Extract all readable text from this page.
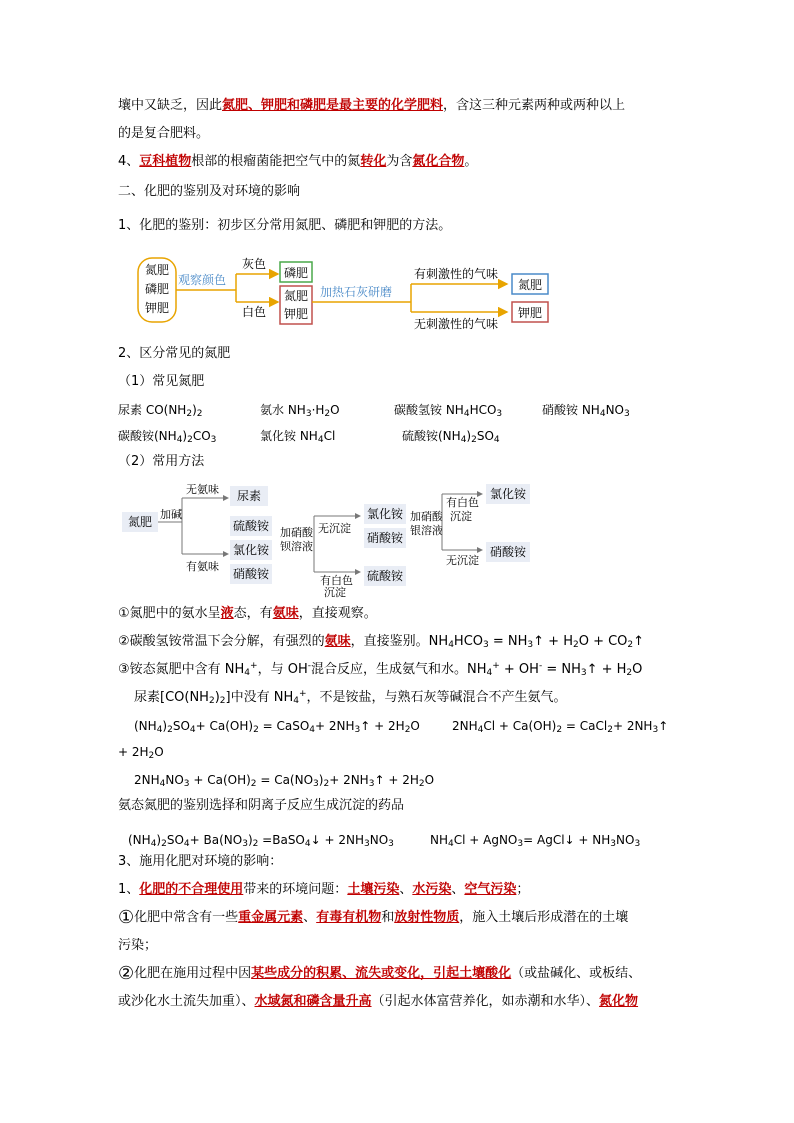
壤中又缺乏，因此氮肥、钾肥和磷肥是最主要的化学肥料，含这三种元素两种或两种以上
的是复合肥料。
4、豆科植物根部的根瘤菌能把空气中的氮转化为含氮化合物。
二、化肥的鉴别及对环境的影响
1、化肥的鉴别：初步区分常用氮肥、磷肥和钾肥的方法。
氮肥
磷肥
钾肥
观察颜色
灰色
白色
磷肥
氮肥
钾肥
加热石灰研磨
有刺激性的气味
无刺激性的气味
氮肥
钾肥
2、区分常见的氮肥
（1）常见氮肥
尿素 $CO(NH_2)_2$	氨水 $NH_3\cdot H_2O$	碳酸氢铵 $NH_4HCO_3$	硝酸铵 $NH_4NO_3$
碳酸铵$(NH_4)_2CO_3$	氯化铵 $NH_4Cl$	硫酸铵$(NH_4)_2SO_4$
（2）常用方法
氮肥
加碱
无氨味
有氨味
尿素
硫酸铵
氯化铵
硝酸铵
加硝酸
钡溶液
无沉淀
有白色
沉淀
氯化铵
硝酸铵
硫酸铵
加硝酸
银溶液
有白色
沉淀
无沉淀
氯化铵
硝酸铵
①氮肥中的氨水呈液态，有氨味，直接观察。
②碳酸氢铵常温下会分解，有强烈的氨味，直接鉴别。$NH_4HCO_3$ = $NH_3↑ + H_2O$ + $CO_2↑$
③铵态氮肥中含有 $NH_4^+$，与 OH-混合反应，生成氨气和水。$NH_4^+ + OH^-$ = $NH_3↑ + H_2O$
尿素$[CO(NH_2)_2]$中没有 $NH_4^+$，不是铵盐，与熟石灰等碱混合不产生氨气。
$(NH_4)_2SO_4+ Ca(OH)_2$ = CaSO$_4$+ $2NH_3↑ + 2H_2O$	$2NH_4Cl + Ca(OH)_2$ = CaCl$_2$+ $2NH_3↑$
+ $2H_2O$
$2NH_4NO_3 + Ca(OH)_2 = Ca(NO_3)_2+$ $2NH_3↑ + 2H_2O$
氨态氮肥的鉴别选择和阴离子反应生成沉淀的药品
$(NH_4)_2SO_4+ Ba(NO_3)_2$ =BaSO$_4$↓ + $2NH_3NO_3$	$NH_4Cl$ + AgNO$_3$= AgCl↓ + $NH_3NO_3$
3、施用化肥对环境的影响：
1、化肥的不合理使用带来的环境问题：土壤污染、水污染、空气污染；
①化肥中常含有一些重金属元素、有毒有机物和放射性物质，施入土壤后形成潜在的土壤
污染；
②化肥在施用过程中因某些成分的积累、流失或变化，引起土壤酸化（或盐碱化、或板结、
或沙化水土流失加重）、水域氮和磷含量升高（引起水体富营养化，如赤潮和水华）、氮化物
